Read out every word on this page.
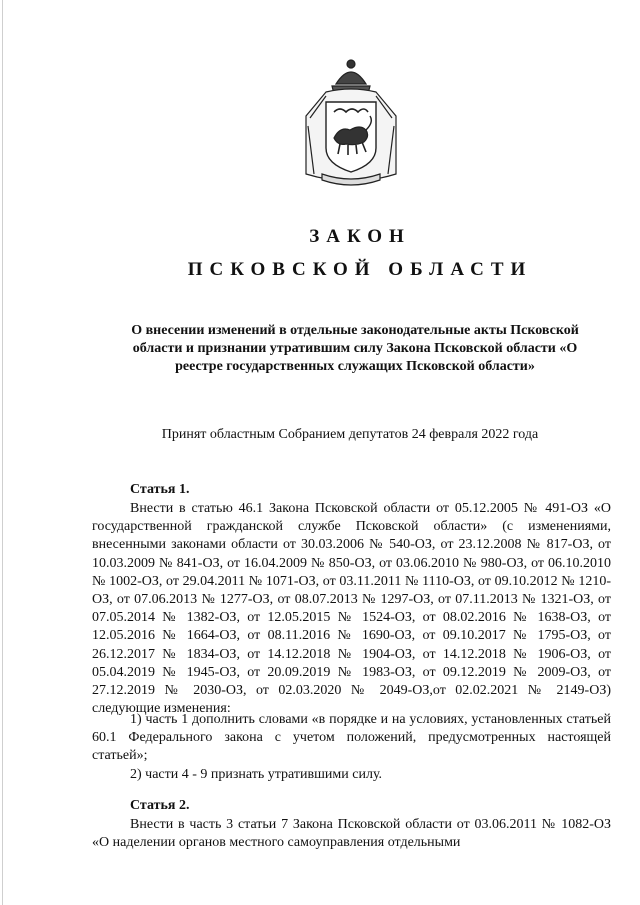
ЗАКОН
ПСКОВСКОЙ ОБЛАСТИ
О внесении изменений в отдельные законодательные акты Псковской области и признании утратившим силу Закона Псковской области «О реестре государственных служащих Псковской области»
Принят областным Собранием депутатов 24 февраля 2022 года
Статья 1.
Внести в статью 46.1 Закона Псковской области от 05.12.2005 № 491-ОЗ «О государственной гражданской службе Псковской области» (с изменениями, внесенными законами области от 30.03.2006 № 540-ОЗ, от 23.12.2008 № 817-ОЗ, от 10.03.2009 № 841-ОЗ, от 16.04.2009 № 850-ОЗ, от 03.06.2010 № 980-ОЗ, от 06.10.2010 № 1002-ОЗ, от 29.04.2011 № 1071-ОЗ, от 03.11.2011 № 1110-ОЗ, от 09.10.2012 № 1210-ОЗ, от 07.06.2013 № 1277-ОЗ, от 08.07.2013 № 1297-ОЗ, от 07.11.2013 № 1321-ОЗ, от 07.05.2014 № 1382-ОЗ, от 12.05.2015 № 1524-ОЗ, от 08.02.2016 № 1638-ОЗ, от 12.05.2016 № 1664-ОЗ, от 08.11.2016 № 1690-ОЗ, от 09.10.2017 № 1795-ОЗ, от 26.12.2017 № 1834-ОЗ, от 14.12.2018 № 1904-ОЗ, от 14.12.2018 № 1906-ОЗ, от 05.04.2019 № 1945-ОЗ, от 20.09.2019 № 1983-ОЗ, от 09.12.2019 № 2009-ОЗ, от 27.12.2019 № 2030-ОЗ, от 02.03.2020 № 2049-ОЗ,от 02.02.2021 № 2149-ОЗ) следующие изменения:
1) часть 1 дополнить словами «в порядке и на условиях, установленных статьей 60.1 Федерального закона с учетом положений, предусмотренных настоящей статьей»;
2) части 4 - 9 признать утратившими силу.
Статья 2.
Внести в часть 3 статьи 7 Закона Псковской области от 03.06.2011 № 1082-ОЗ «О наделении органов местного самоуправления отдельными
